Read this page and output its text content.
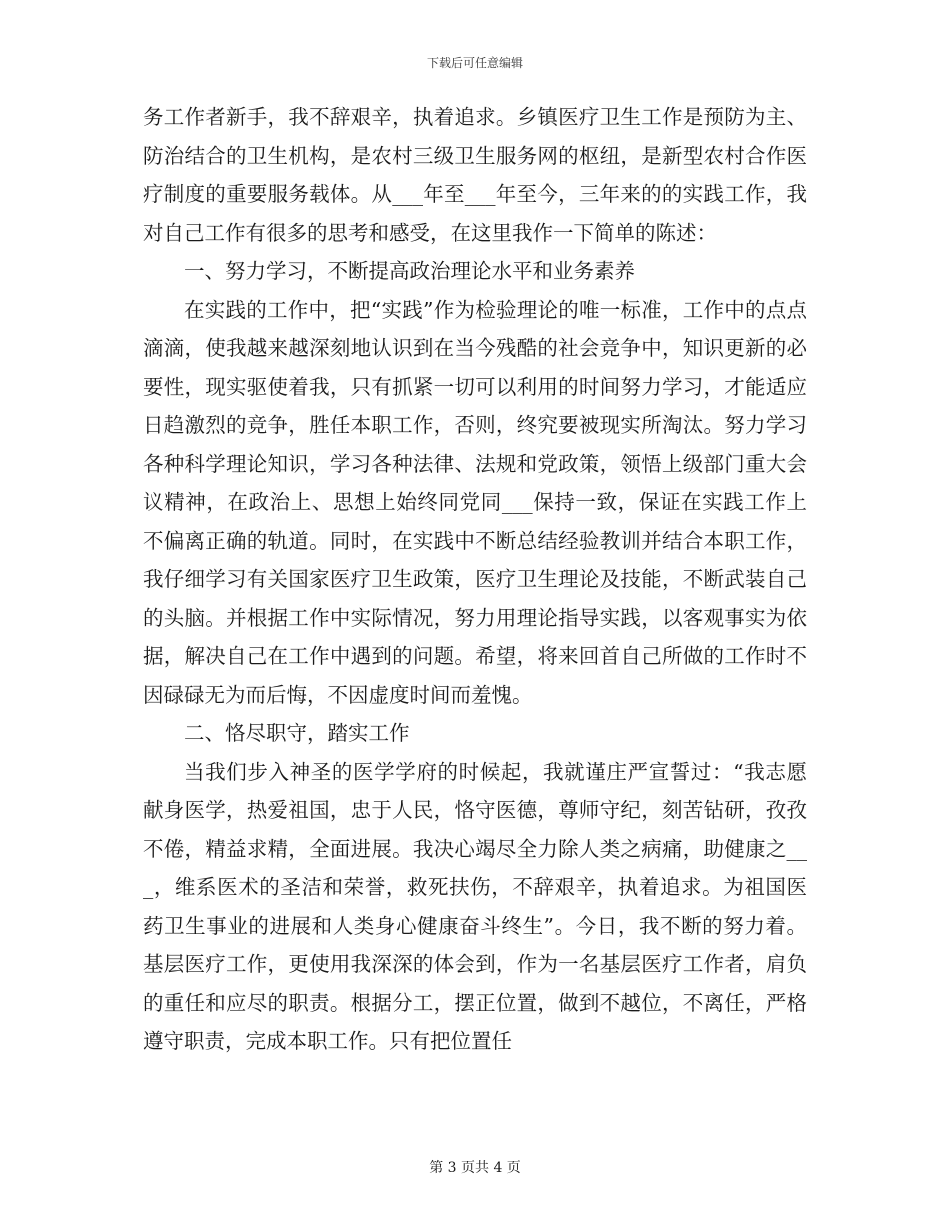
下载后可任意编辑

务工作者新手，我不辞艰辛，执着追求。乡镇医疗卫生工作是预防为主、防治结合的卫生机构，是农村三级卫生服务网的枢纽，是新型农村合作医疗制度的重要服务载体。从___年至___年至今，三年来的的实践工作，我对自己工作有很多的思考和感受，在这里我作一下简单的陈述：

一、努力学习，不断提高政治理论水平和业务素养

在实践的工作中，把“实践”作为检验理论的唯一标准，工作中的点点滴滴，使我越来越深刻地认识到在当今残酷的社会竞争中，知识更新的必要性，现实驱使着我，只有抓紧一切可以利用的时间努力学习，才能适应日趋激烈的竞争，胜任本职工作，否则，终究要被现实所淘汰。努力学习各种科学理论知识，学习各种法律、法规和党政策，领悟上级部门重大会议精神，在政治上、思想上始终同党同___保持一致，保证在实践工作上不偏离正确的轨道。同时，在实践中不断总结经验教训并结合本职工作，我仔细学习有关国家医疗卫生政策，医疗卫生理论及技能，不断武装自己的头脑。并根据工作中实际情况，努力用理论指导实践，以客观事实为依据，解决自己在工作中遇到的问题。希望，将来回首自己所做的工作时不因碌碌无为而后悔，不因虚度时间而羞愧。

二、恪尽职守，踏实工作

当我们步入神圣的医学学府的时候起，我就谨庄严宣誓过：“我志愿献身医学，热爱祖国，忠于人民，恪守医德，尊师守纪，刻苦钻研，孜孜不倦，精益求精，全面进展。我决心竭尽全力除人类之病痛，助健康之___，维系医术的圣洁和荣誉，救死扶伤，不辞艰辛，执着追求。为祖国医药卫生事业的进展和人类身心健康奋斗终生”。今日，我不断的努力着。基层医疗工作，更使用我深深的体会到，作为一名基层医疗工作者，肩负的重任和应尽的职责。根据分工，摆正位置，做到不越位，不离任，严格遵守职责，完成本职工作。只有把位置任

第 3 页共 4 页
